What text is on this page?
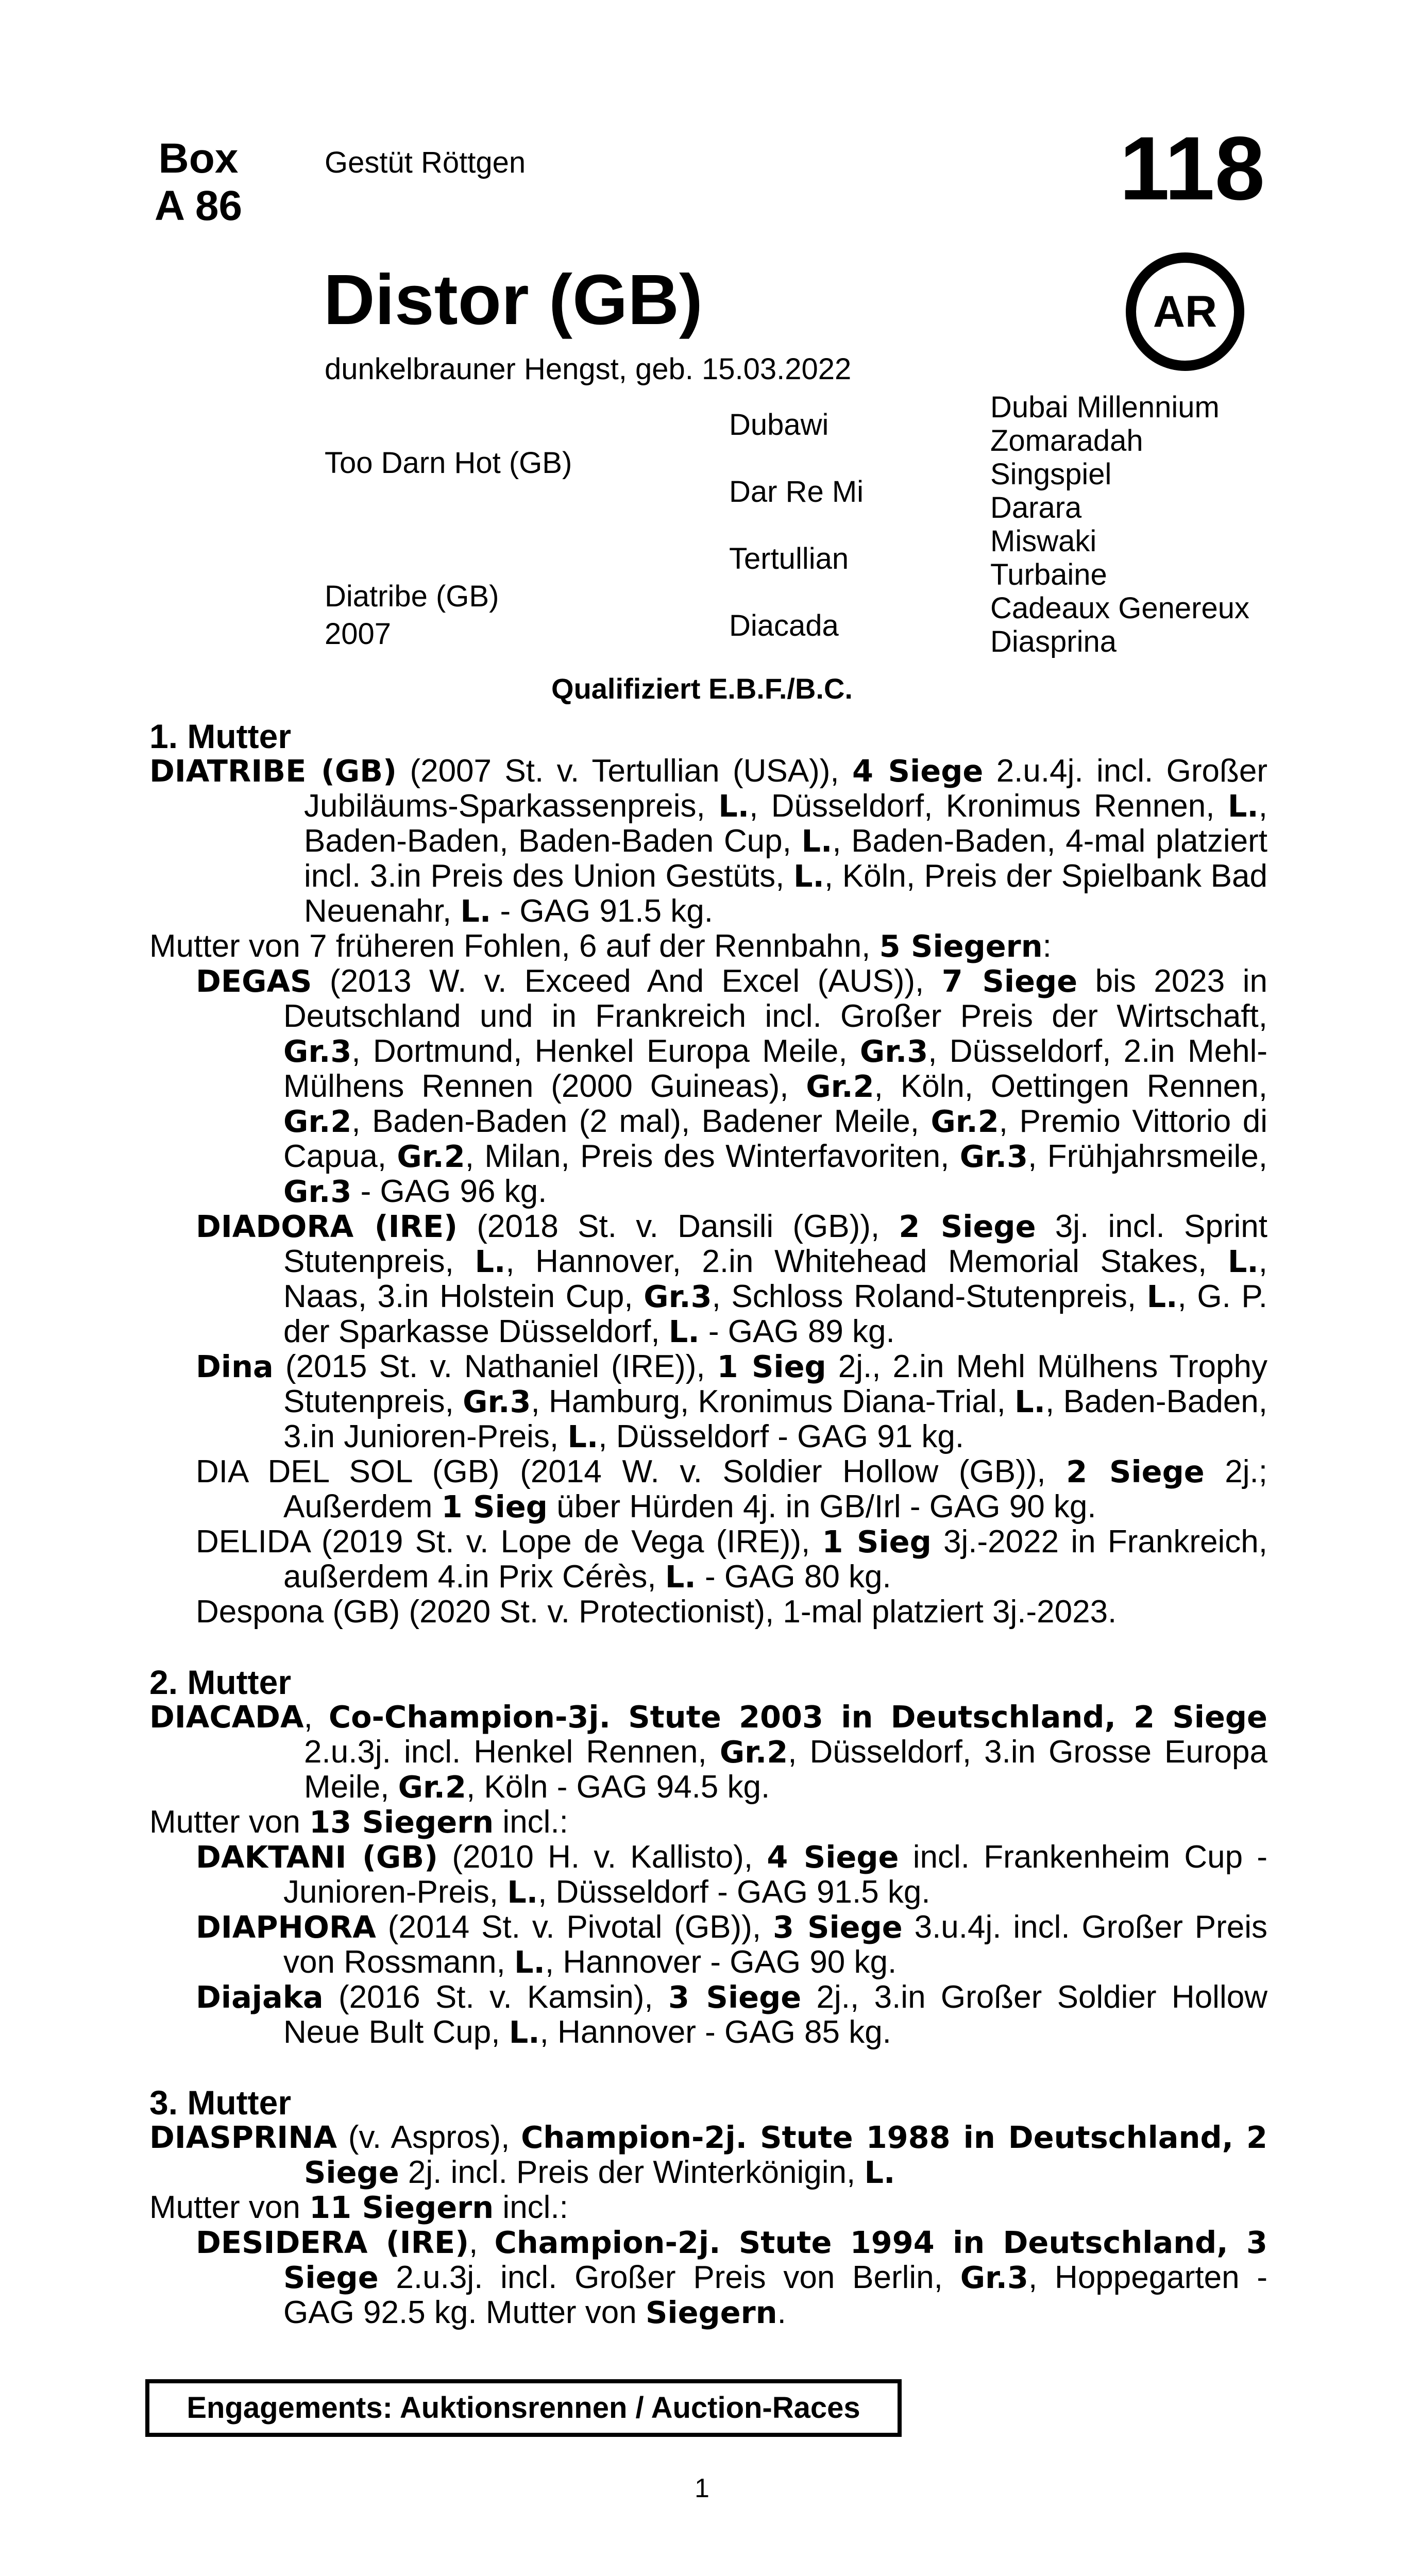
Box
A 86
Gestüt Röttgen	118
AR
Distor (GB)
dunkelbrauner Hengst, geb. 15.03.2022
Too Darn Hot (GB)
Diatribe (GB)
2007
Dubawi
Dar Re Mi
Tertullian
Diacada
Dubai Millennium
Zomaradah
Singspiel
Darara
Miswaki
Turbaine
Cadeaux Genereux
Diasprina
Qualifiziert E.B.F./B.C.
1. Mutter
DIATRIBE (GB) (2007 St. v. Tertullian (USA)), 4 Siege 2.u.4j. incl. Großer Jubiläums-Sparkassenpreis, L., Düsseldorf, Kronimus Rennen, L., Baden-Baden, Baden-Baden Cup, L., Baden-Baden, 4-mal platziert incl. 3.in Preis des Union Gestüts, L., Köln, Preis der Spielbank Bad Neuenahr, L. - GAG 91.5 kg.
Mutter von 7 früheren Fohlen, 6 auf der Rennbahn, 5 Siegern:
DEGAS (2013 W. v. Exceed And Excel (AUS)), 7 Siege bis 2023 in Deutschland und in Frankreich incl. Großer Preis der Wirtschaft, Gr.3, Dortmund, Henkel Europa Meile, Gr.3, Düsseldorf, 2.in Mehl-Mülhens Rennen (2000 Guineas), Gr.2, Köln, Oettingen Rennen, Gr.2, Baden-Baden (2 mal), Badener Meile, Gr.2, Premio Vittorio di Capua, Gr.2, Milan, Preis des Winterfavoriten, Gr.3, Frühjahrsmeile, Gr.3 - GAG 96 kg.
DIADORA (IRE) (2018 St. v. Dansili (GB)), 2 Siege 3j. incl. Sprint Stutenpreis, L., Hannover, 2.in Whitehead Memorial Stakes, L., Naas, 3.in Holstein Cup, Gr.3, Schloss Roland-Stutenpreis, L., G. P. der Sparkasse Düsseldorf, L. - GAG 89 kg.
Dina (2015 St. v. Nathaniel (IRE)), 1 Sieg 2j., 2.in Mehl Mülhens Trophy Stutenpreis, Gr.3, Hamburg, Kronimus Diana-Trial, L., Baden-Baden, 3.in Junioren-Preis, L., Düsseldorf - GAG 91 kg.
DIA DEL SOL (GB) (2014 W. v. Soldier Hollow (GB)), 2 Siege 2j.; Außerdem 1 Sieg über Hürden 4j. in GB/Irl - GAG 90 kg.
DELIDA (2019 St. v. Lope de Vega (IRE)), 1 Sieg 3j.-2022 in Frankreich, außerdem 4.in Prix Cérès, L. - GAG 80 kg.
Despona (GB) (2020 St. v. Protectionist), 1-mal platziert 3j.-2023.
2. Mutter
DIACADA, Co-Champion-3j. Stute 2003 in Deutschland, 2 Siege 2.u.3j. incl. Henkel Rennen, Gr.2, Düsseldorf, 3.in Grosse Europa Meile, Gr.2, Köln - GAG 94.5 kg.
Mutter von 13 Siegern incl.:
DAKTANI (GB) (2010 H. v. Kallisto), 4 Siege incl. Frankenheim Cup - Junioren-Preis, L., Düsseldorf - GAG 91.5 kg.
DIAPHORA (2014 St. v. Pivotal (GB)), 3 Siege 3.u.4j. incl. Großer Preis von Rossmann, L., Hannover - GAG 90 kg.
Diajaka (2016 St. v. Kamsin), 3 Siege 2j., 3.in Großer Soldier Hollow Neue Bult Cup, L., Hannover - GAG 85 kg.
3. Mutter
DIASPRINA (v. Aspros), Champion-2j. Stute 1988 in Deutschland, 2 Siege 2j. incl. Preis der Winterkönigin, L.
Mutter von 11 Siegern incl.:
DESIDERA (IRE), Champion-2j. Stute 1994 in Deutschland, 3 Siege 2.u.3j. incl. Großer Preis von Berlin, Gr.3, Hoppegarten - GAG 92.5 kg. Mutter von Siegern.
Engagements: Auktionsrennen / Auction-Races
1
